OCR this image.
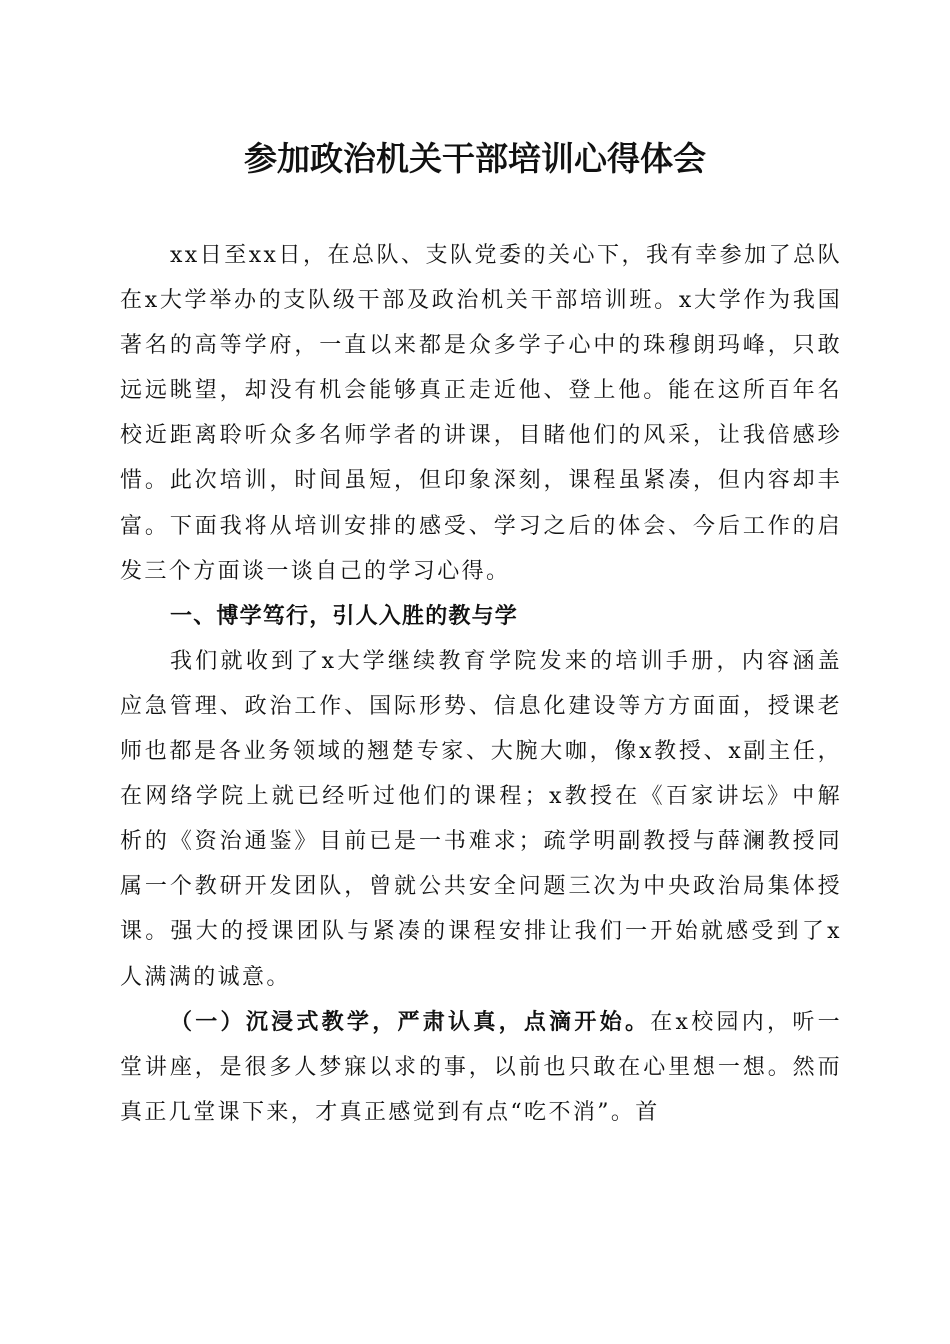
参加政治机关干部培训心得体会

xx日至xx日，在总队、支队党委的关心下，我有幸参加了总队在x大学举办的支队级干部及政治机关干部培训班。x大学作为我国著名的高等学府，一直以来都是众多学子心中的珠穆朗玛峰，只敢远远眺望，却没有机会能够真正走近他、登上他。能在这所百年名校近距离聆听众多名师学者的讲课，目睹他们的风采，让我倍感珍惜。此次培训，时间虽短，但印象深刻，课程虽紧凑，但内容却丰富。下面我将从培训安排的感受、学习之后的体会、今后工作的启发三个方面谈一谈自己的学习心得。

一、博学笃行，引人入胜的教与学

我们就收到了x大学继续教育学院发来的培训手册，内容涵盖应急管理、政治工作、国际形势、信息化建设等方方面面，授课老师也都是各业务领域的翘楚专家、大腕大咖，像x教授、x副主任，在网络学院上就已经听过他们的课程；x教授在《百家讲坛》中解析的《资治通鉴》目前已是一书难求；疏学明副教授与薛澜教授同属一个教研开发团队，曾就公共安全问题三次为中央政治局集体授课。强大的授课团队与紧凑的课程安排让我们一开始就感受到了x人满满的诚意。

（一）沉浸式教学，严肃认真，点滴开始。在x校园内，听一堂讲座，是很多人梦寐以求的事，以前也只敢在心里想一想。然而真正几堂课下来，才真正感觉到有点“吃不消”。首
